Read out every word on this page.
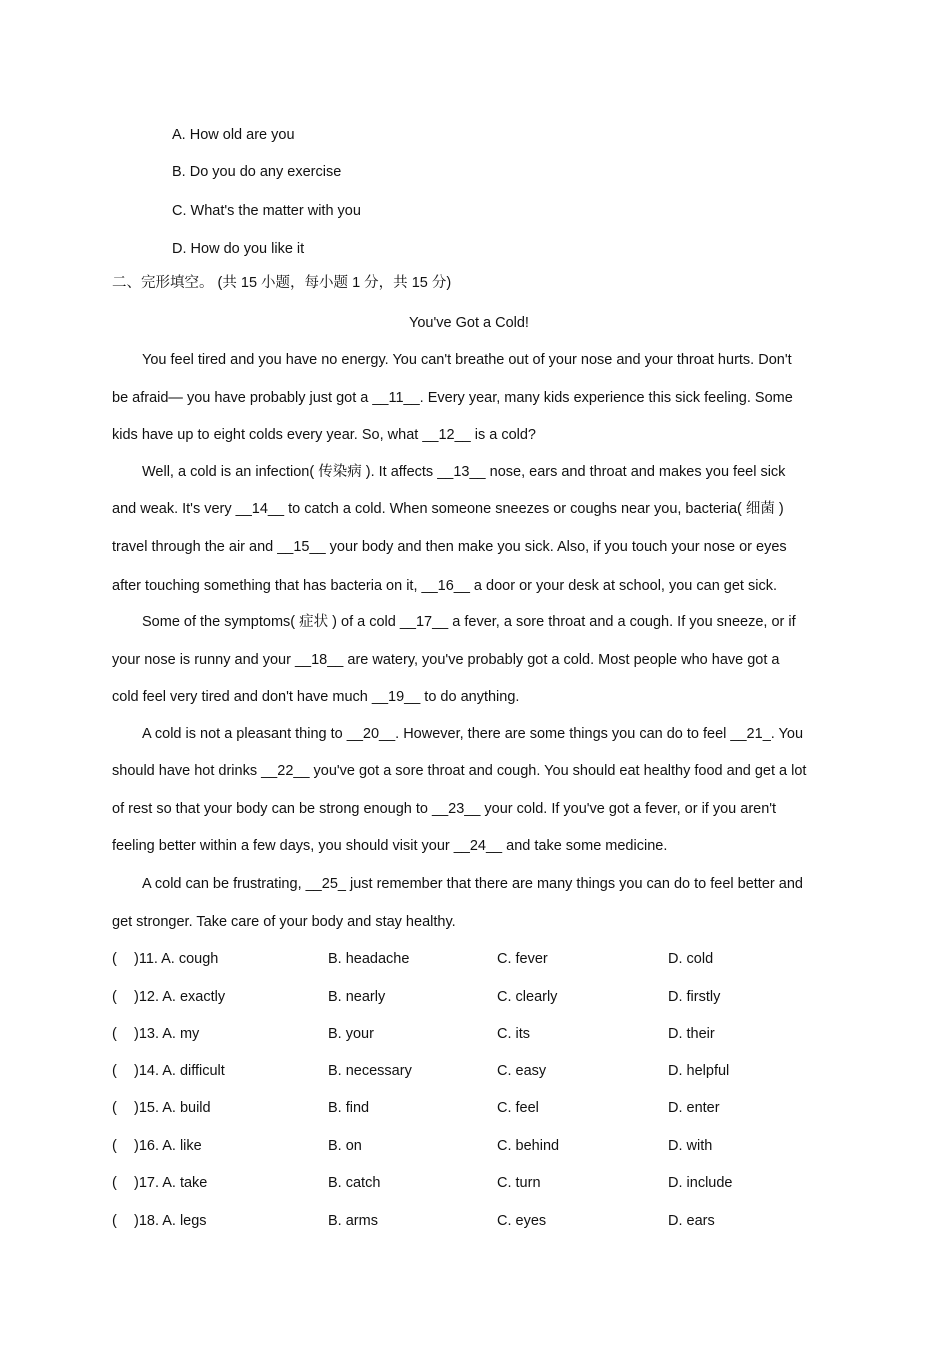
A. How old are you
B. Do you do any exercise
C. What's the matter with you
D. How do you like it
二、完形填空。 (共 15 小题，每小题 1 分，共 15 分)
You've Got a Cold!
You feel tired and you have no energy. You can't breathe out of your nose and your throat hurts. Don't
be afraid— you have probably just got a __11__. Every year, many kids experience this sick feeling. Some
kids have up to eight colds every year. So, what __12__ is a cold?
Well, a cold is an infection( 传染病 ). It affects __13__ nose, ears and throat and makes you feel sick
and weak. It's very __14__ to catch a cold. When someone sneezes or coughs near you, bacteria( 细菌 )
travel through the air and __15__ your body and then make you sick. Also, if you touch your nose or eyes
after touching something that has bacteria on it, __16__ a door or your desk at school, you can get sick.
Some of the symptoms( 症状 ) of a cold __17__ a fever, a sore throat and a cough. If you sneeze, or if
your nose is runny and your __18__ are watery, you've probably got a cold. Most people who have got a
cold feel very tired and don't have much __19__ to do anything.
A cold is not a pleasant thing to __20__. However, there are some things you can do to feel __21_. You
should have hot drinks __22__ you've got a sore throat and cough. You should eat healthy food and get a lot
of rest so that your body can be strong enough to __23__ your cold. If you've got a fever, or if you aren't
feeling better within a few days, you should visit your __24__ and take some medicine.
A cold can be frustrating, __25_ just remember that there are many things you can do to feel better and
get stronger. Take care of your body and stay healthy.
( )11. A. cough	B. headache	C. fever	D. cold
( )12. A. exactly	B. nearly	C. clearly	D. firstly
( )13. A. my	B. your	C. its	D. their
( )14. A. difficult	B. necessary	C. easy	D. helpful
( )15. A. build	B. find	C. feel	D. enter
( )16. A. like	B. on	C. behind	D. with
( )17. A. take	B. catch	C. turn	D. include
( )18. A. legs	B. arms	C. eyes	D. ears
